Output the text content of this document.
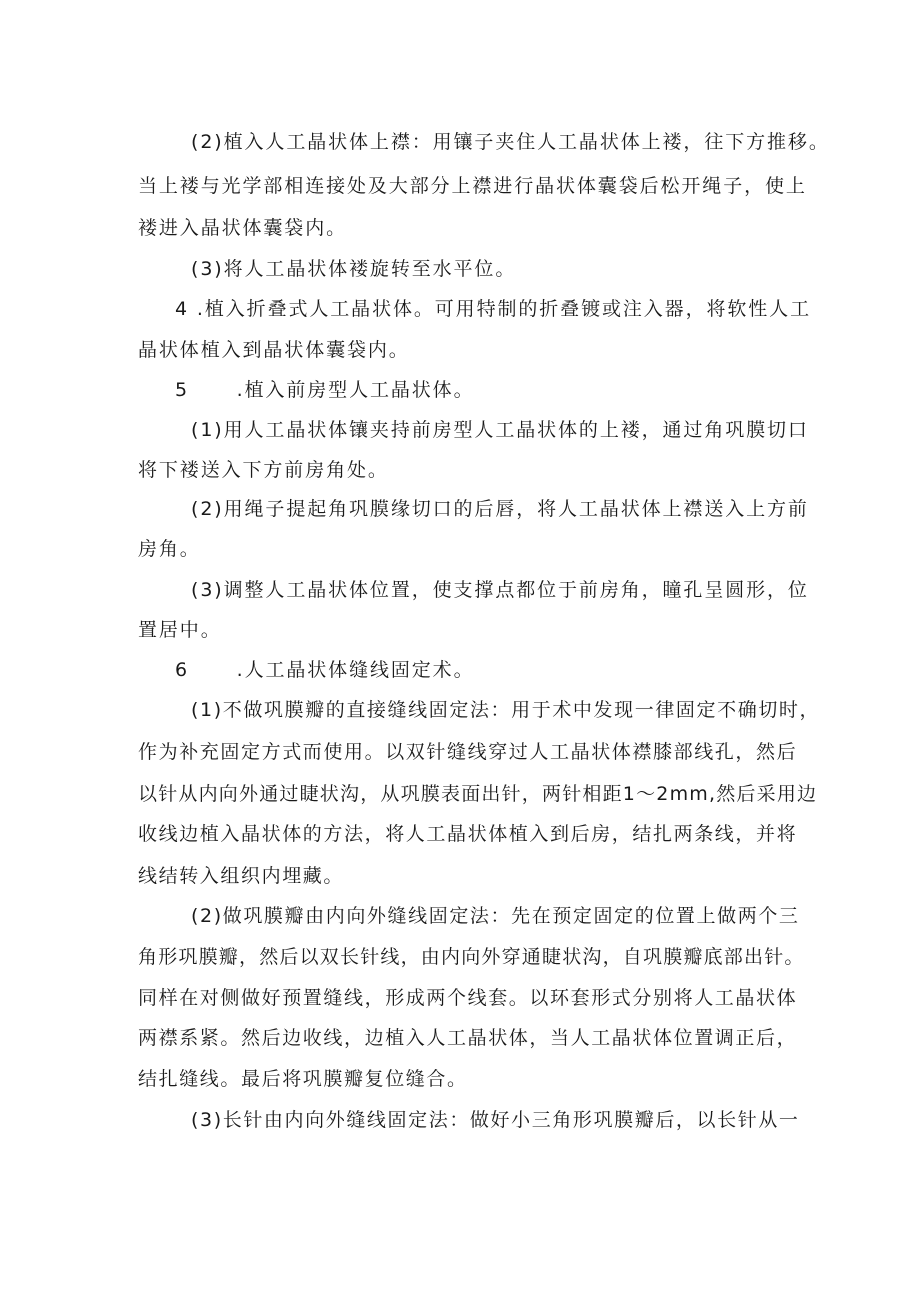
(2)植入人工晶状体上襟：用镶子夹住人工晶状体上褛，往下方推移。
当上褛与光学部相连接处及大部分上襟进行晶状体囊袋后松开绳子，使上
褛进入晶状体囊袋内。
(3)将人工晶状体褛旋转至水平位。
4 .植入折叠式人工晶状体。可用特制的折叠镀或注入器，将软性人工
晶状体植入到晶状体囊袋内。
5      .植入前房型人工晶状体。
(1)用人工晶状体镶夹持前房型人工晶状体的上褛，通过角巩膜切口
将下褛送入下方前房角处。
(2)用绳子提起角巩膜缘切口的后唇，将人工晶状体上襟送入上方前
房角。
(3)调整人工晶状体位置，使支撑点都位于前房角，瞳孔呈圆形，位
置居中。
6      .人工晶状体缝线固定术。
(1)不做巩膜瓣的直接缝线固定法：用于术中发现一律固定不确切时，
作为补充固定方式而使用。以双针缝线穿过人工晶状体襟膝部线孔，然后
以针从内向外通过睫状沟，从巩膜表面出针，两针相距1〜2mm,然后采用边
收线边植入晶状体的方法，将人工晶状体植入到后房，结扎两条线，并将
线结转入组织内埋藏。
(2)做巩膜瓣由内向外缝线固定法：先在预定固定的位置上做两个三
角形巩膜瓣，然后以双长针线，由内向外穿通睫状沟，自巩膜瓣底部出针。
同样在对侧做好预置缝线，形成两个线套。以环套形式分别将人工晶状体
两襟系紧。然后边收线，边植入人工晶状体，当人工晶状体位置调正后，
结扎缝线。最后将巩膜瓣复位缝合。
(3)长针由内向外缝线固定法：做好小三角形巩膜瓣后，以长针从一
